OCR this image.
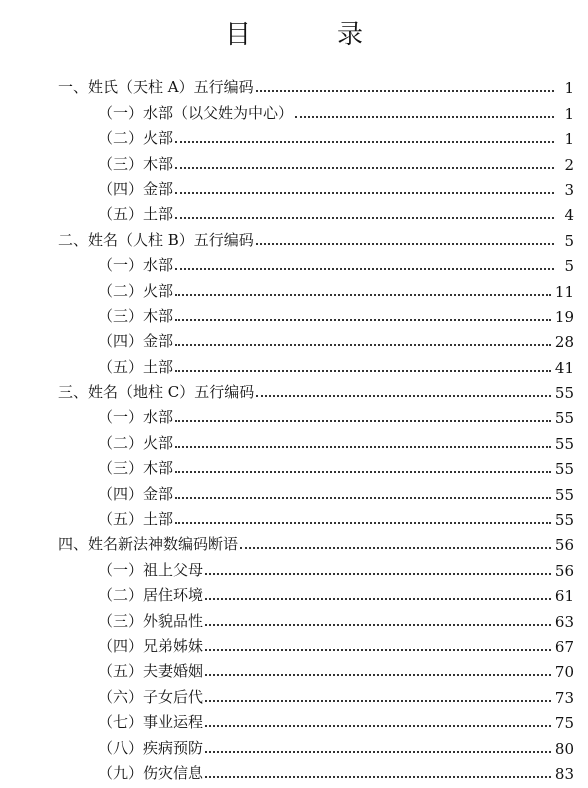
目	录
一、姓氏（天柱 A）五行编码	1
（一）水部（以父姓为中心）	1
（二）火部	1
（三）木部	2
（四）金部	3
（五）土部	4
二、姓名（人柱 B）五行编码	5
（一）水部	5
（二）火部	11
（三）木部	19
（四）金部	28
（五）土部	41
三、姓名（地柱 C）五行编码	55
（一）水部	55
（二）火部	55
（三）木部	55
（四）金部	55
（五）土部	55
四、姓名新法神数编码断语	56
（一）祖上父母	56
（二）居住环境	61
（三）外貌品性	63
（四）兄弟姊妹	67
（五）夫妻婚姻	70
（六）子女后代	73
（七）事业运程	75
（八）疾病预防	80
（九）伤灾信息	83
